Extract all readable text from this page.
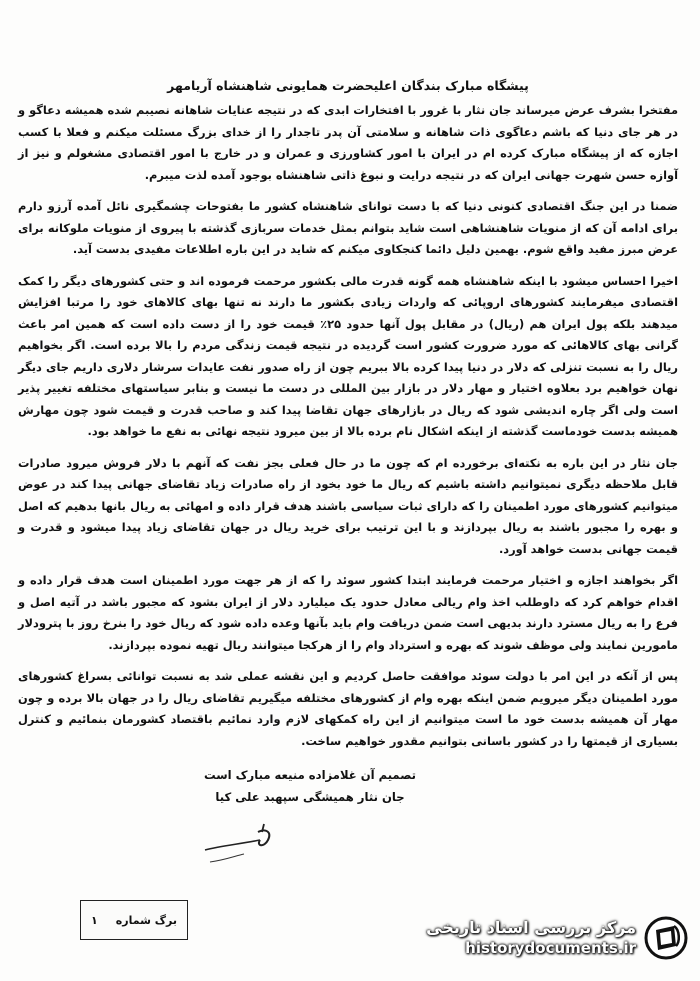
پیشگاه مبارک بندگان اعلیحضرت همایونی شاهنشاه آریامهر

مفتخرا بشرف عرض میرساند جان نثار با غرور با افتخارات ابدی که در نتیجه عنایات شاهانه نصیبم شده همیشه دعا‌گو و در هر جای دنیا که باشم دعاگوی ذات شاهانه و سلامتی آن پدر تاجدار را از خدای بزرگ مسئلت میکنم و فعلا با کسب اجازه که از پیشگاه مبارک کرده ام در ایران با امور کشاورزی و عمران و در خارج با امور اقتصادی مشغولم و نیز از آوازه حسن شهرت جهانی ایران که در نتیجه درایت و نبوغ ذاتی شاهنشاه بوجود آمده لذت میبرم.

ضمنا در این جنگ اقتصادی کنونی دنیا که با دست توانای شاهنشاه کشور ما بفتوحات چشمگیری نائل آمده آرزو دارم برای ادامه آن که از منویات شاهنشاهی است شاید بتوانم بمثل خدمات سربازی گذشته با پیروی از منویات ملوکانه برای عرض مبرز مفید واقع شوم. بهمین دلیل دائما کنجکاوی میکنم که شاید در این باره اطلاعات مفیدی بدست آید.

اخیرا احساس میشود با اینکه شاهنشاه همه گونه قدرت مالی بکشور مرحمت فرموده اند و حتی کشورهای دیگر را کمک اقتصادی میفرمایند کشورهای اروپائی که واردات زیادی بکشور ما دارند نه تنها بهای کالاهای خود را مرتبا افزایش میدهند بلکه پول ایران هم (ریال) در مقابل پول آنها حدود ۲۵٪ قیمت خود را از دست داده است که همین امر باعث گرانی بهای کالاهائی که مورد ضرورت کشور است گردیده در نتیجه قیمت زندگی مردم را بالا برده است. اگر بخواهیم ریال را به نسبت تنزلی که دلار در دنیا پیدا کرده بالا ببریم چون از راه صدور نفت عایدات سرشار دلاری داریم جای دیگر نهان خواهیم برد بعلاوه اختیار و مهار دلار در بازار بین المللی در دست ما نیست و بنابر سیاستهای مختلفه تغییر پذیر است ولی اگر چاره اندیشی شود که ریال در بازارهای جهان تقاضا پیدا کند و صاحب قدرت و قیمت شود چون مهارش همیشه بدست خودماست گذشته از اینکه اشکال نام برده بالا از بین میرود نتیجه نهائی به نفع ما خواهد بود.

جان نثار در این باره به نکته‌ای برخورده ام که چون ما در حال فعلی بجز نفت که آنهم با دلار فروش میرود صادرات قابل ملاحظه دیگری نمیتوانیم داشته باشیم که ریال ما خود بخود از راه صادرات زیاد تقاضای جهانی پیدا کند در عوض میتوانیم کشورهای مورد اطمینان را که دارای ثبات سیاسی باشند هدف قرار داده و امهائی به ریال بانها بدهیم که اصل و بهره را مجبور باشند به ریال بپردازند و با این ترتیب برای خرید ریال در جهان تقاضای زیاد پیدا میشود و قدرت و قیمت جهانی بدست خواهد آورد.

اگر بخواهند اجازه و اختیار مرحمت فرمایند ابتدا کشور سوئد را که از هر جهت مورد اطمینان است هدف قرار داده و اقدام خواهم کرد که داوطلب اخذ وام ریالی معادل حدود یک میلیارد دلار از ایران بشود که مجبور باشد در آتیه اصل و فرع را به ریال مسترد دارند بدیهی است ضمن دریافت وام باید بآنها وعده داده شود که ریال خود را بنرخ روز با پترودلار مامورین نمایند ولی موظف شوند که بهره و استرداد وام را از هرکجا میتوانند ریال تهیه نموده بپردازند.

پس از آنکه در این امر با دولت سوئد موافقت حاصل کردیم و این نقشه عملی شد به نسبت توانائی بسراغ کشورهای مورد اطمینان دیگر میرویم ضمن اینکه بهره وام از کشورهای مختلفه میگیریم تقاضای ریال را در جهان بالا برده و چون مهار آن همیشه بدست خود ما است میتوانیم از این راه کمکهای لازم وارد نمائیم باقتصاد کشورمان بنمائیم و کنترل بسیاری از قیمتها را در کشور باسانی بتوانیم مقدور خواهیم ساخت.

تصمیم آن غلامزاده منیعه مبارک است
جان نثار همیشگی سپهبد علی کیا
برگ شماره
۱	مرکز بررسی اسناد تاریخی
historydocuments.ir
